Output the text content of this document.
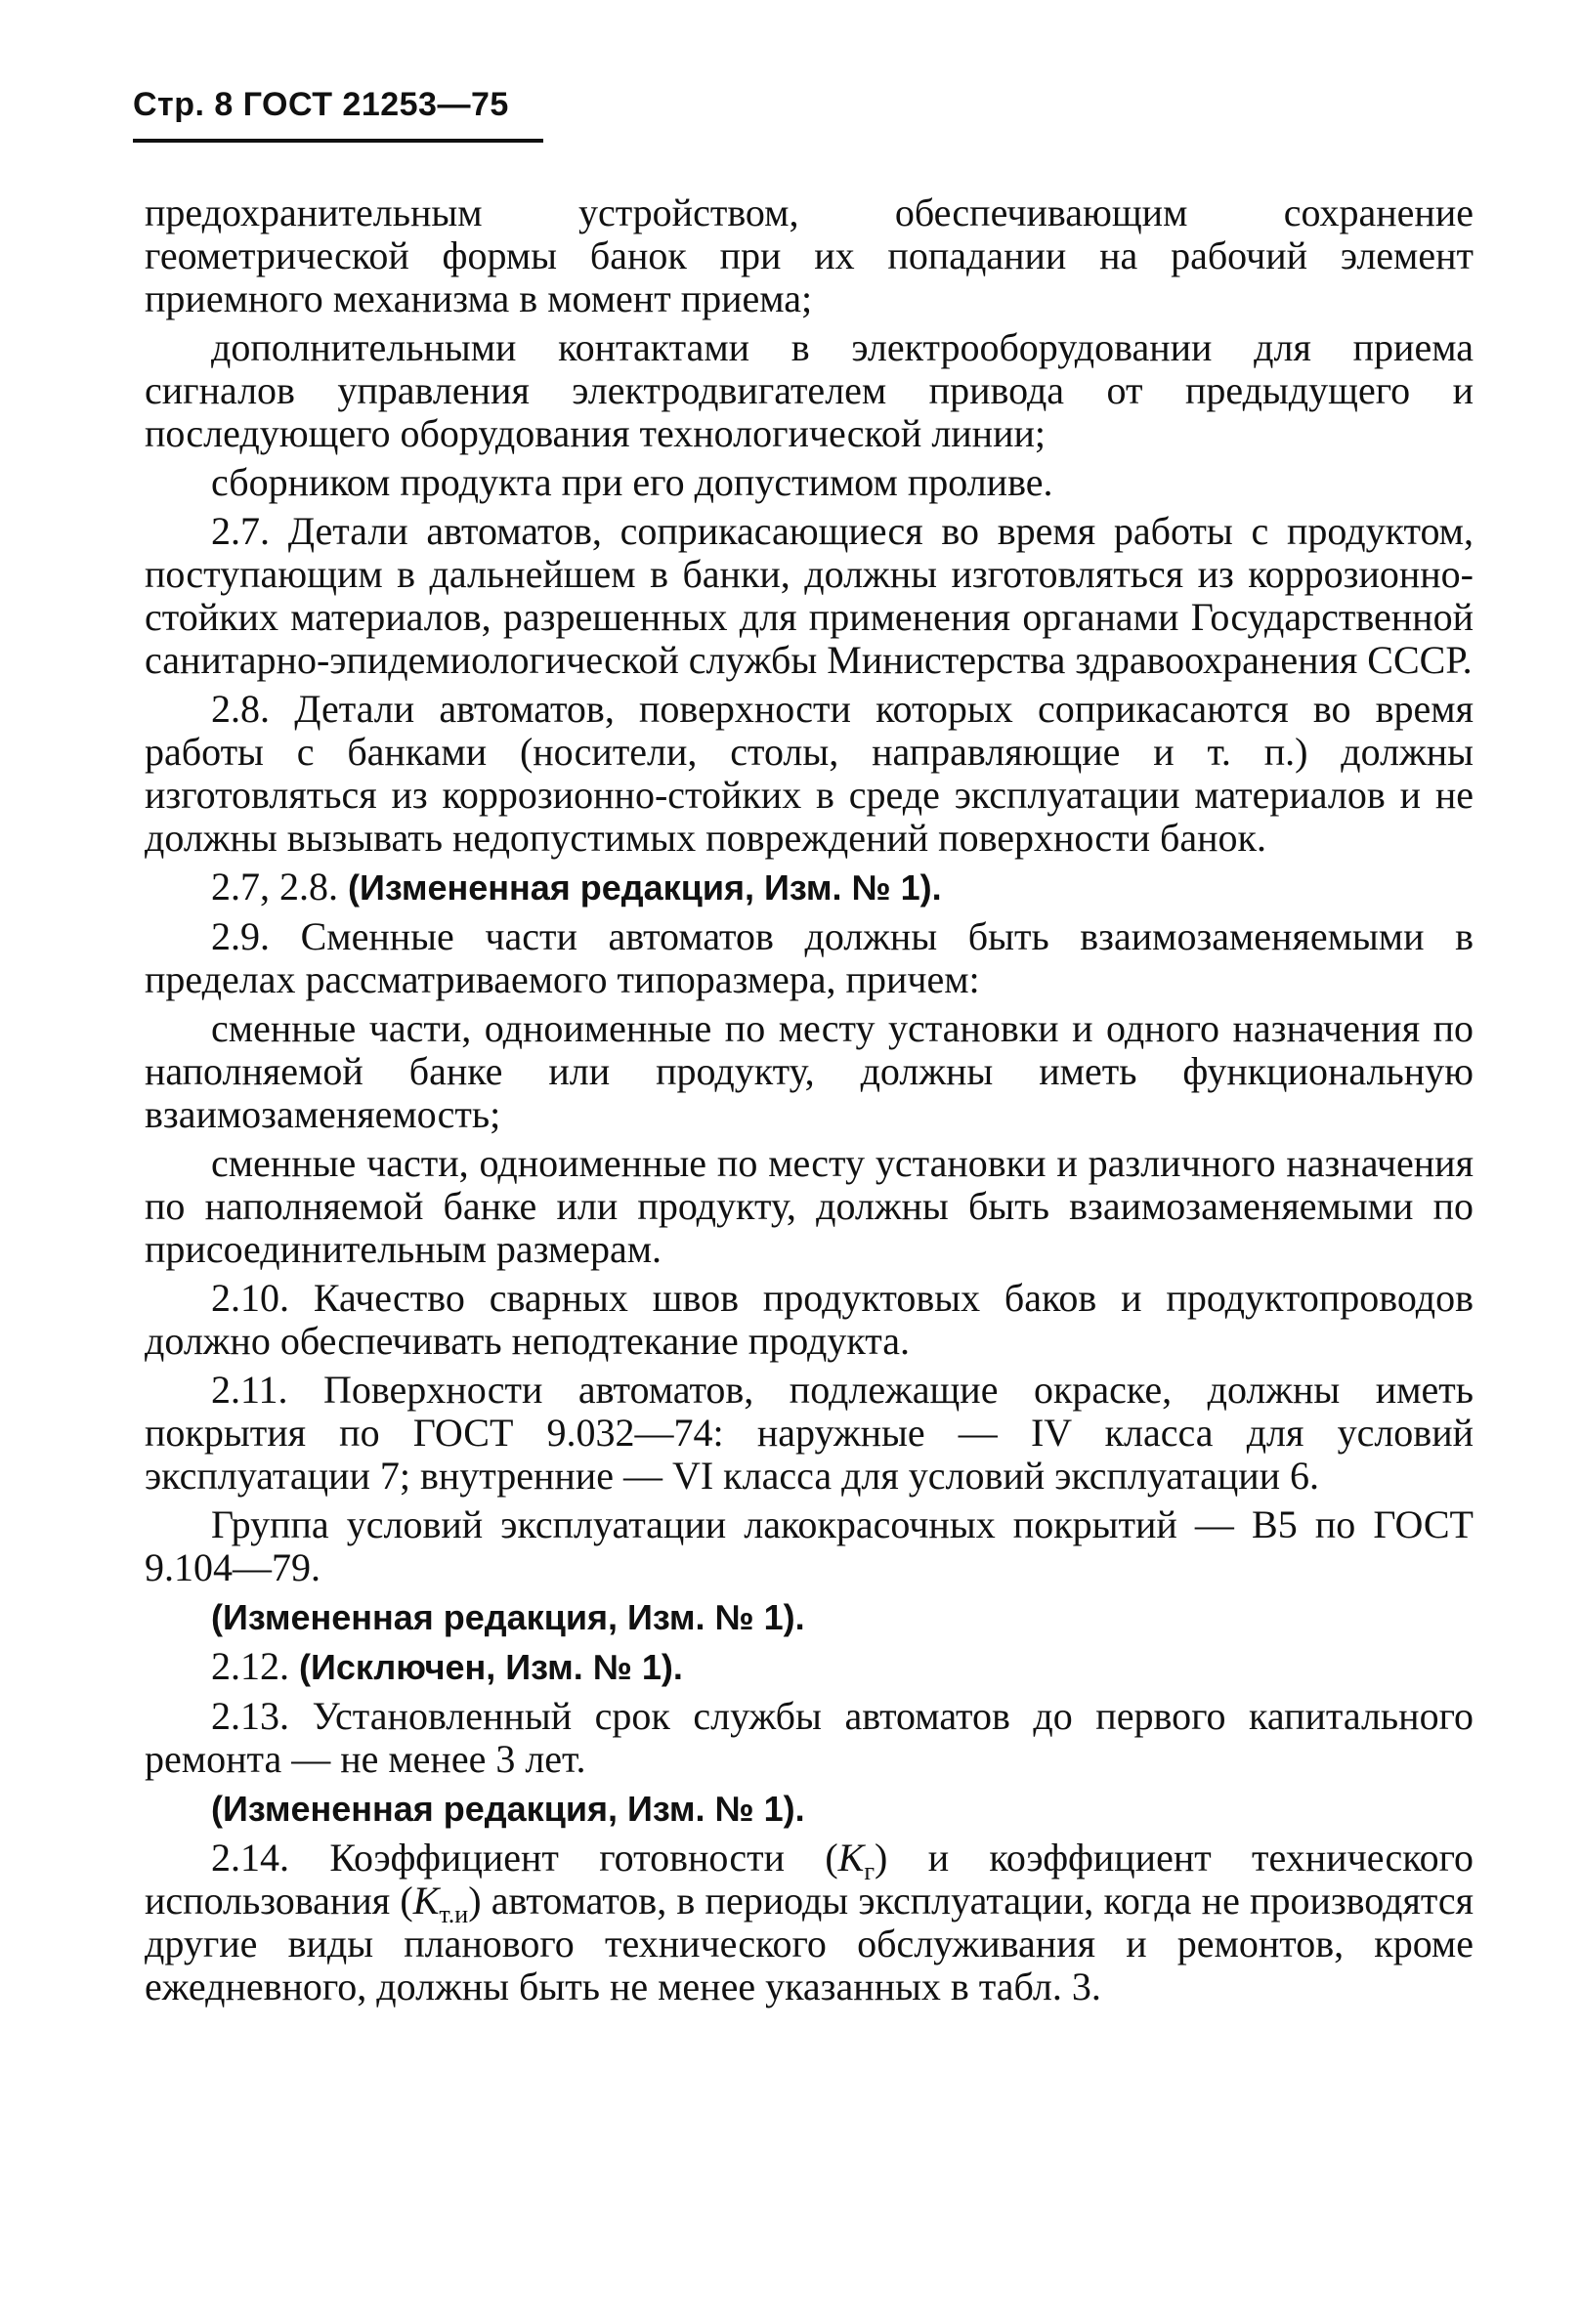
Стр. 8 ГОСТ 21253—75

предохранительным устройством, обеспечивающим сохранение геометрической формы банок при их попадании на рабочий элемент приемного механизма в момент приема;

дополнительными контактами в электрооборудовании для приема сигналов управления электродвигателем привода от предыдущего и последующего оборудования технологической линии;

сборником продукта при его допустимом проливе.

2.7. Детали автоматов, соприкасающиеся во время работы с продуктом, поступающим в дальнейшем в банки, должны изготовляться из коррозионно-стойких материалов, разрешенных для применения органами Государственной санитарно-эпидемиологической службы Министерства здравоохранения СССР.

2.8. Детали автоматов, поверхности которых соприкасаются во время работы с банками (носители, столы, направляющие и т. п.) должны изготовляться из коррозионно-стойких в среде эксплуатации материалов и не должны вызывать недопустимых повреждений поверхности банок.

2.7, 2.8. (Измененная редакция, Изм. № 1).

2.9. Сменные части автоматов должны быть взаимозаменяемыми в пределах рассматриваемого типоразмера, причем:

сменные части, одноименные по месту установки и одного назначения по наполняемой банке или продукту, должны иметь функциональную взаимозаменяемость;

сменные части, одноименные по месту установки и различного назначения по наполняемой банке или продукту, должны быть взаимозаменяемыми по присоединительным размерам.

2.10. Качество сварных швов продуктовых баков и продуктопроводов должно обеспечивать неподтекание продукта.

2.11. Поверхности автоматов, подлежащие окраске, должны иметь покрытия по ГОСТ 9.032—74: наружные — IV класса для условий эксплуатации 7; внутренние — VI класса для условий эксплуатации 6.

Группа условий эксплуатации лакокрасочных покрытий — B5 по ГОСТ 9.104—79.

(Измененная редакция, Изм. № 1).

2.12. (Исключен, Изм. № 1).

2.13. Установленный срок службы автоматов до первого капитального ремонта — не менее 3 лет.

(Измененная редакция, Изм. № 1).

2.14. Коэффициент готовности $(K_г)$ и коэффициент технического использования $(K_{т.и})$ автоматов, в периоды эксплуатации, когда не производятся другие виды планового технического обслуживания и ремонтов, кроме ежедневного, должны быть не менее указанных в табл. 3.
